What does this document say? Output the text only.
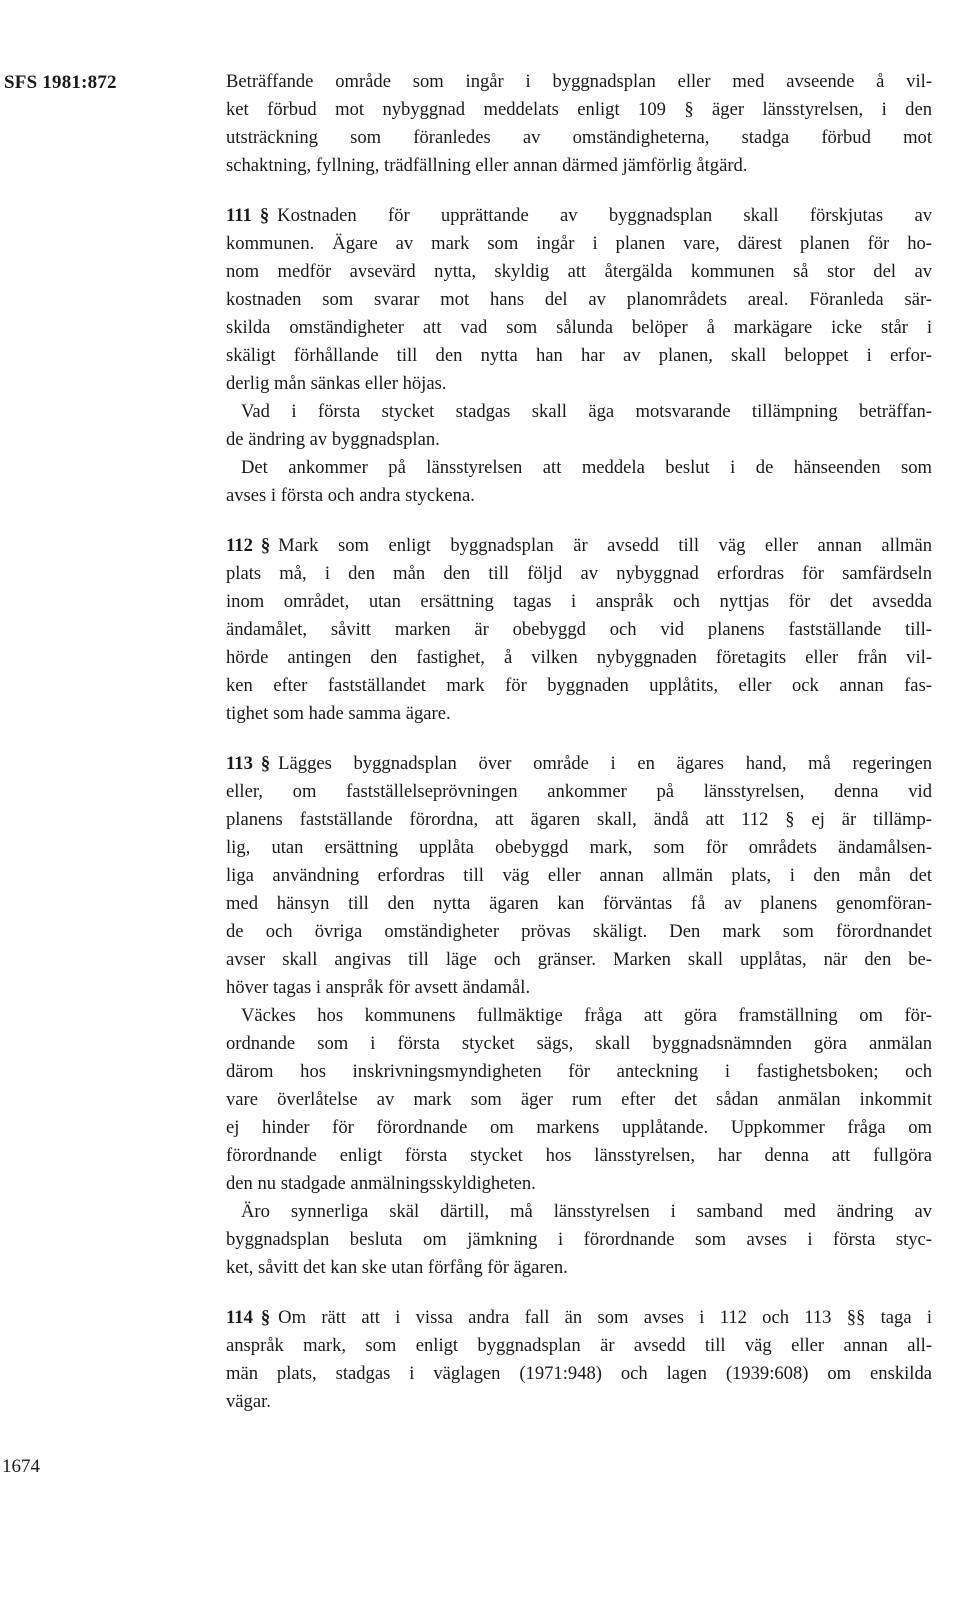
SFS 1981:872	Beträffande område som ingår i byggnadsplan eller med avseende å vil-
ket förbud mot nybyggnad meddelats enligt 109 § äger länsstyrelsen, i den
utsträckning som föranledes av omständigheterna, stadga förbud mot
schaktning, fyllning, trädfällning eller annan därmed jämförlig åtgärd.
111 § Kostnaden för upprättande av byggnadsplan skall förskjutas av
kommunen. Ägare av mark som ingår i planen vare, därest planen för ho-
nom medför avsevärd nytta, skyldig att återgälda kommunen så stor del av
kostnaden som svarar mot hans del av planområdets areal. Föranleda sär-
skilda omständigheter att vad som sålunda belöper å markägare icke står i
skäligt förhållande till den nytta han har av planen, skall beloppet i erfor-
derlig mån sänkas eller höjas.
Vad i första stycket stadgas skall äga motsvarande tillämpning beträffan-
de ändring av byggnadsplan.
Det ankommer på länsstyrelsen att meddela beslut i de hänseenden som
avses i första och andra styckena.
112 § Mark som enligt byggnadsplan är avsedd till väg eller annan allmän
plats må, i den mån den till följd av nybyggnad erfordras för samfärdseln
inom området, utan ersättning tagas i anspråk och nyttjas för det avsedda
ändamålet, såvitt marken är obebyggd och vid planens fastställande till-
hörde antingen den fastighet, å vilken nybyggnaden företagits eller från vil-
ken efter fastställandet mark för byggnaden upplåtits, eller ock annan fas-
tighet som hade samma ägare.
113 § Lägges byggnadsplan över område i en ägares hand, må regeringen
eller, om fastställelseprövningen ankommer på länsstyrelsen, denna vid
planens fastställande förordna, att ägaren skall, ändå att 112 § ej är tillämp-
lig, utan ersättning upplåta obebyggd mark, som för områdets ändamålsen-
liga användning erfordras till väg eller annan allmän plats, i den mån det
med hänsyn till den nytta ägaren kan förväntas få av planens genomföran-
de och övriga omständigheter prövas skäligt. Den mark som förordnandet
avser skall angivas till läge och gränser. Marken skall upplåtas, när den be-
höver tagas i anspråk för avsett ändamål.
Väckes hos kommunens fullmäktige fråga att göra framställning om för-
ordnande som i första stycket sägs, skall byggnadsnämnden göra anmälan
därom hos inskrivningsmyndigheten för anteckning i fastighetsboken; och
vare överlåtelse av mark som äger rum efter det sådan anmälan inkommit
ej hinder för förordnande om markens upplåtande. Uppkommer fråga om
förordnande enligt första stycket hos länsstyrelsen, har denna att fullgöra
den nu stadgade anmälningsskyldigheten.
Äro synnerliga skäl därtill, må länsstyrelsen i samband med ändring av
byggnadsplan besluta om jämkning i förordnande som avses i första styc-
ket, såvitt det kan ske utan förfång för ägaren.
114 § Om rätt att i vissa andra fall än som avses i 112 och 113 §§ taga i
anspråk mark, som enligt byggnadsplan är avsedd till väg eller annan all-
män plats, stadgas i väglagen (1971:948) och lagen (1939:608) om enskilda
vägar.
1674
